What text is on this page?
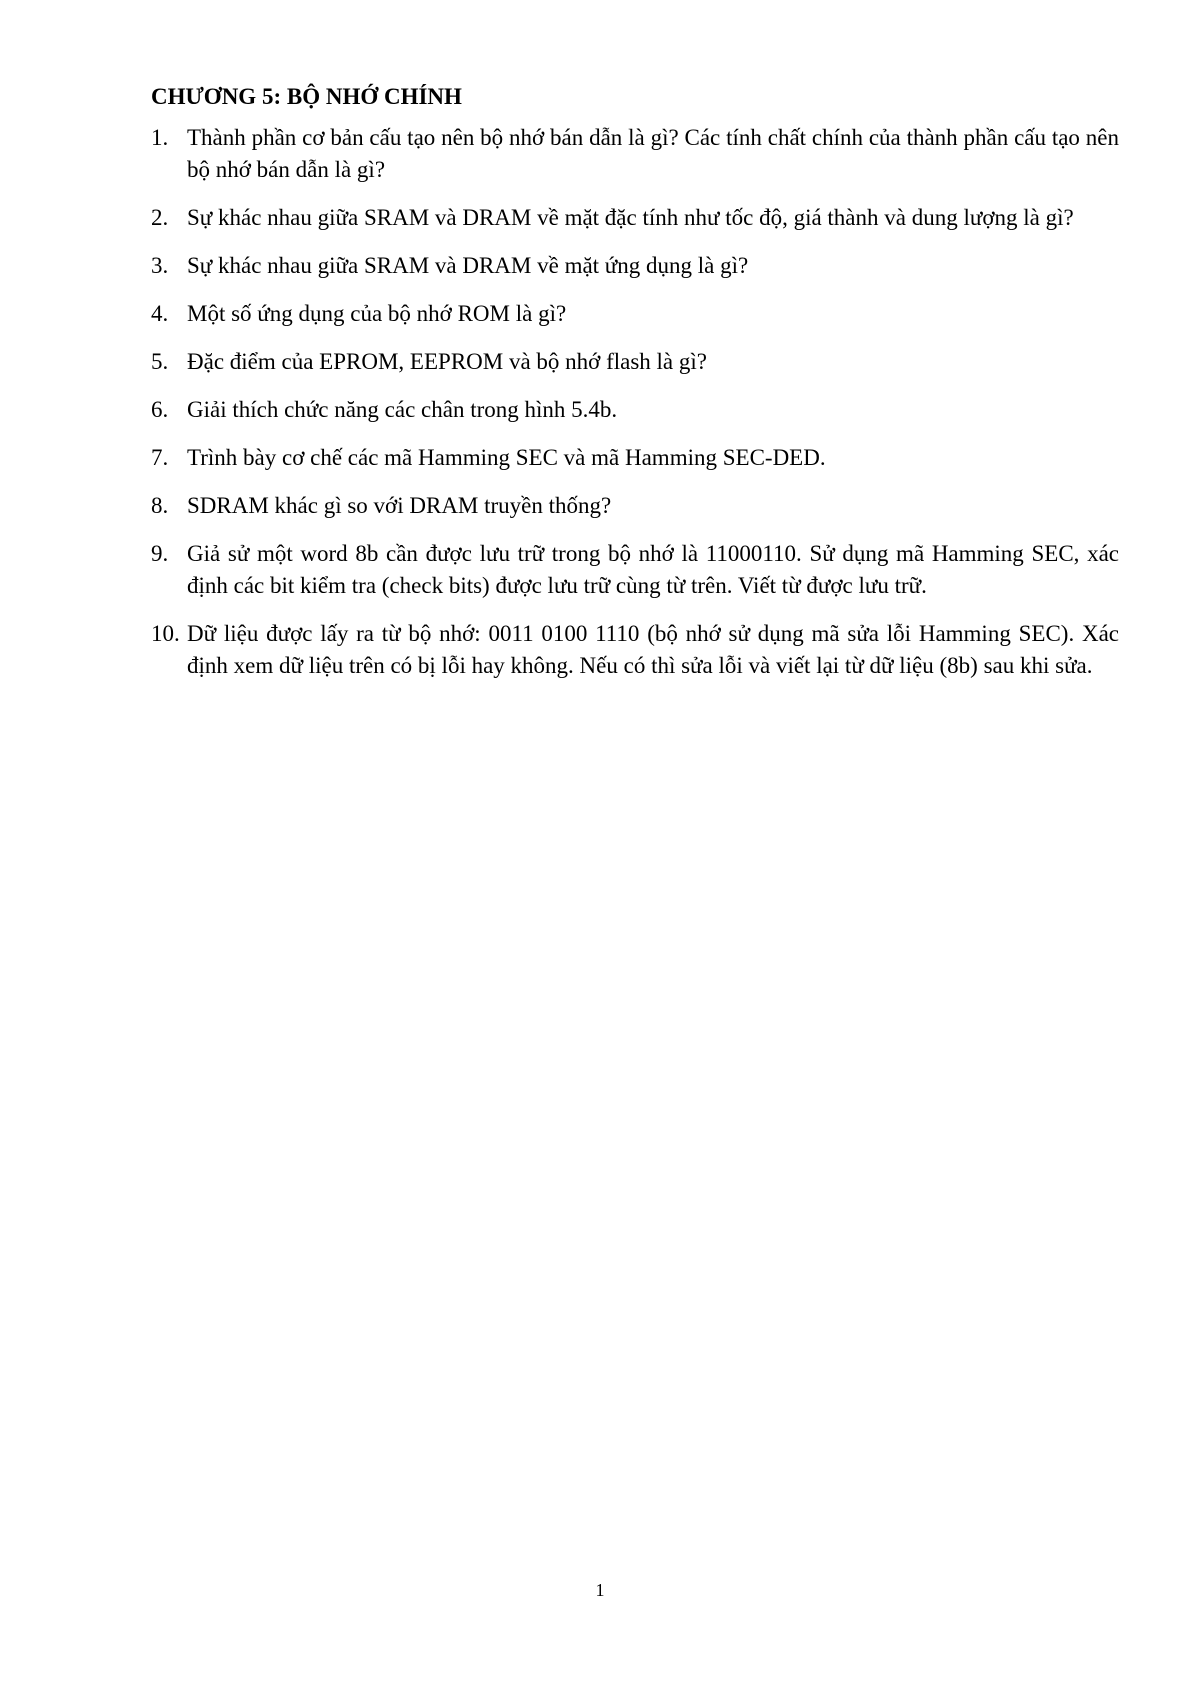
CHƯƠNG 5: BỘ NHỚ CHÍNH
1. Thành phần cơ bản cấu tạo nên bộ nhớ bán dẫn là gì? Các tính chất chính của thành phần cấu tạo nên bộ nhớ bán dẫn là gì?
2. Sự khác nhau giữa SRAM và DRAM về mặt đặc tính như tốc độ, giá thành và dung lượng là gì?
3. Sự khác nhau giữa SRAM và DRAM về mặt ứng dụng là gì?
4. Một số ứng dụng của bộ nhớ ROM là gì?
5. Đặc điểm của EPROM, EEPROM và bộ nhớ flash là gì?
6. Giải thích chức năng các chân trong hình 5.4b.
7. Trình bày cơ chế các mã Hamming SEC và mã Hamming SEC-DED.
8. SDRAM khác gì so với DRAM truyền thống?
9. Giả sử một word 8b cần được lưu trữ trong bộ nhớ là 11000110. Sử dụng mã Hamming SEC, xác định các bit kiểm tra (check bits) được lưu trữ cùng từ trên. Viết từ được lưu trữ.
10. Dữ liệu được lấy ra từ bộ nhớ: 0011 0100 1110 (bộ nhớ sử dụng mã sửa lỗi Hamming SEC). Xác định xem dữ liệu trên có bị lỗi hay không. Nếu có thì sửa lỗi và viết lại từ dữ liệu (8b) sau khi sửa.
1
